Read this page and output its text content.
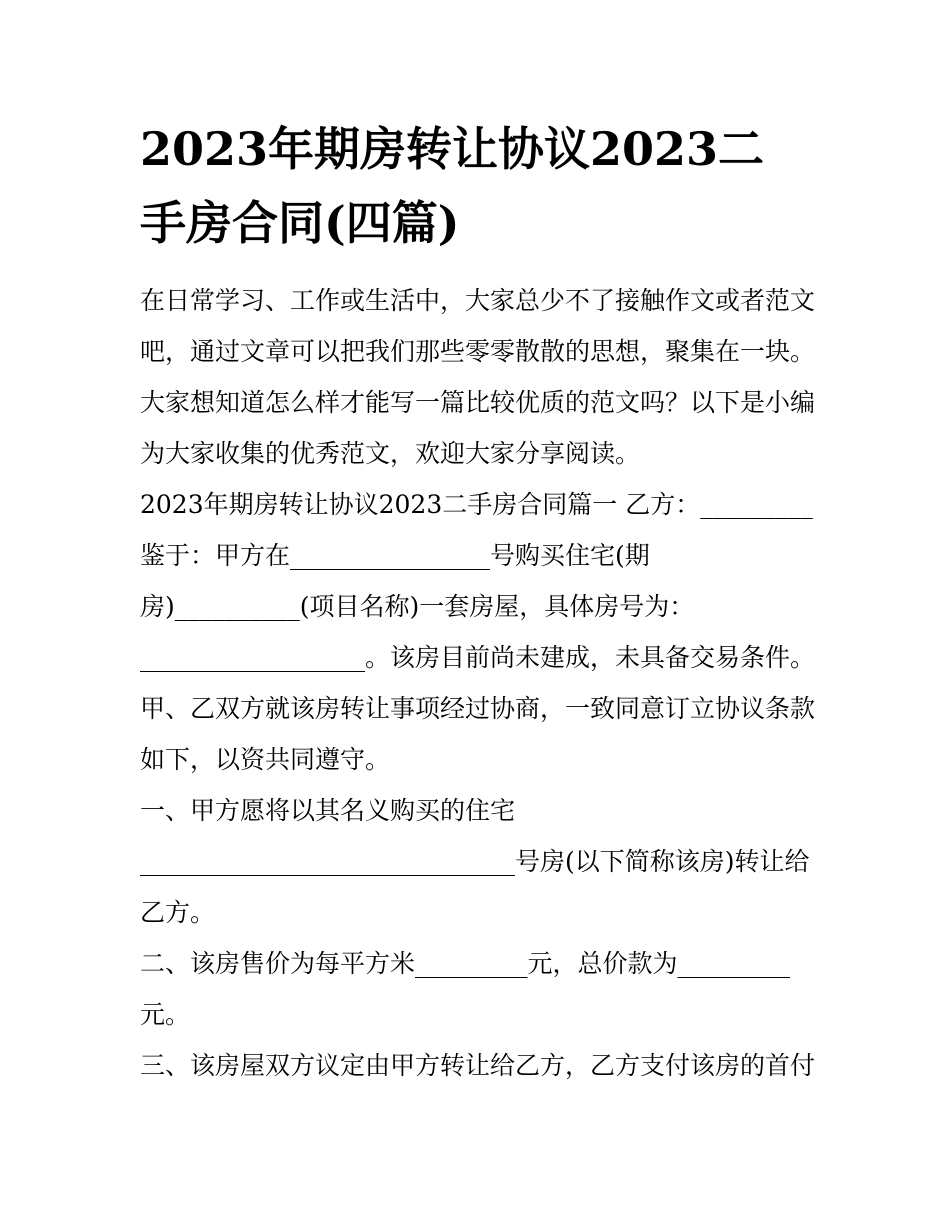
2023年期房转让协议2023二
手房合同(四篇)
在日常学习、工作或生活中，大家总少不了接触作文或者范文
吧，通过文章可以把我们那些零零散散的思想，聚集在一块。
大家想知道怎么样才能写一篇比较优质的范文吗？以下是小编
为大家收集的优秀范文，欢迎大家分享阅读。
2023年期房转让协议2023二手房合同篇一 乙方：_________
鉴于：甲方在________________号购买住宅(期
房)__________(项目名称)一套房屋，具体房号为：
__________________。该房目前尚未建成，未具备交易条件。
甲、乙双方就该房转让事项经过协商，一致同意订立协议条款
如下，以资共同遵守。
一、甲方愿将以其名义购买的住宅
______________________________号房(以下简称该房)转让给
乙方。
二、该房售价为每平方米_________元，总价款为_________
元。
三、该房屋双方议定由甲方转让给乙方，乙方支付该房的首付
